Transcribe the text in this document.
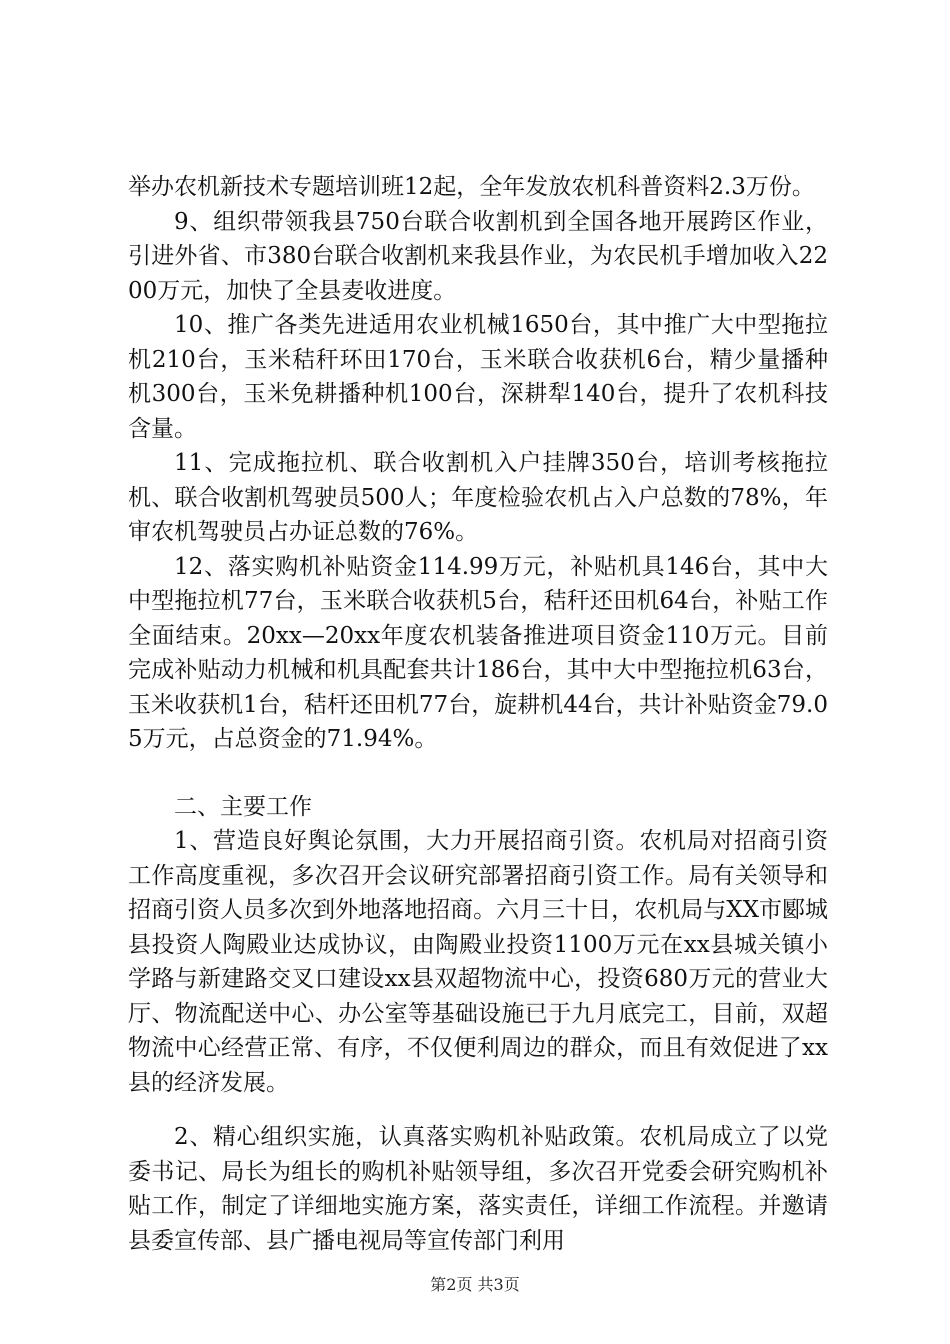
举办农机新技术专题培训班12起，全年发放农机科普资料2.3万份。

9、组织带领我县750台联合收割机到全国各地开展跨区作业，引进外省、市380台联合收割机来我县作业，为农民机手增加收入2200万元，加快了全县麦收进度。

10、推广各类先进适用农业机械1650台，其中推广大中型拖拉机210台，玉米秸秆环田170台，玉米联合收获机6台，精少量播种机300台，玉米免耕播种机100台，深耕犁140台，提升了农机科技含量。

11、完成拖拉机、联合收割机入户挂牌350台，培训考核拖拉机、联合收割机驾驶员500人；年度检验农机占入户总数的78%，年审农机驾驶员占办证总数的76%。

12、落实购机补贴资金114.99万元，补贴机具146台，其中大中型拖拉机77台，玉米联合收获机5台，秸秆还田机64台，补贴工作全面结束。20xx—20xx年度农机装备推进项目资金110万元。目前完成补贴动力机械和机具配套共计186台，其中大中型拖拉机63台，玉米收获机1台，秸杆还田机77台，旋耕机44台，共计补贴资金79.05万元，占总资金的71.94%。

二、主要工作

1、营造良好舆论氛围，大力开展招商引资。农机局对招商引资工作高度重视，多次召开会议研究部署招商引资工作。局有关领导和招商引资人员多次到外地落地招商。六月三十日，农机局与XX市郾城县投资人陶殿业达成协议，由陶殿业投资1100万元在xx县城关镇小学路与新建路交叉口建设xx县双超物流中心，投资680万元的营业大厅、物流配送中心、办公室等基础设施已于九月底完工，目前，双超物流中心经营正常、有序，不仅便利周边的群众，而且有效促进了xx县的经济发展。

2、精心组织实施，认真落实购机补贴政策。农机局成立了以党委书记、局长为组长的购机补贴领导组，多次召开党委会研究购机补贴工作，制定了详细地实施方案，落实责任，详细工作流程。并邀请县委宣传部、县广播电视局等宣传部门利用

第2页 共3页
